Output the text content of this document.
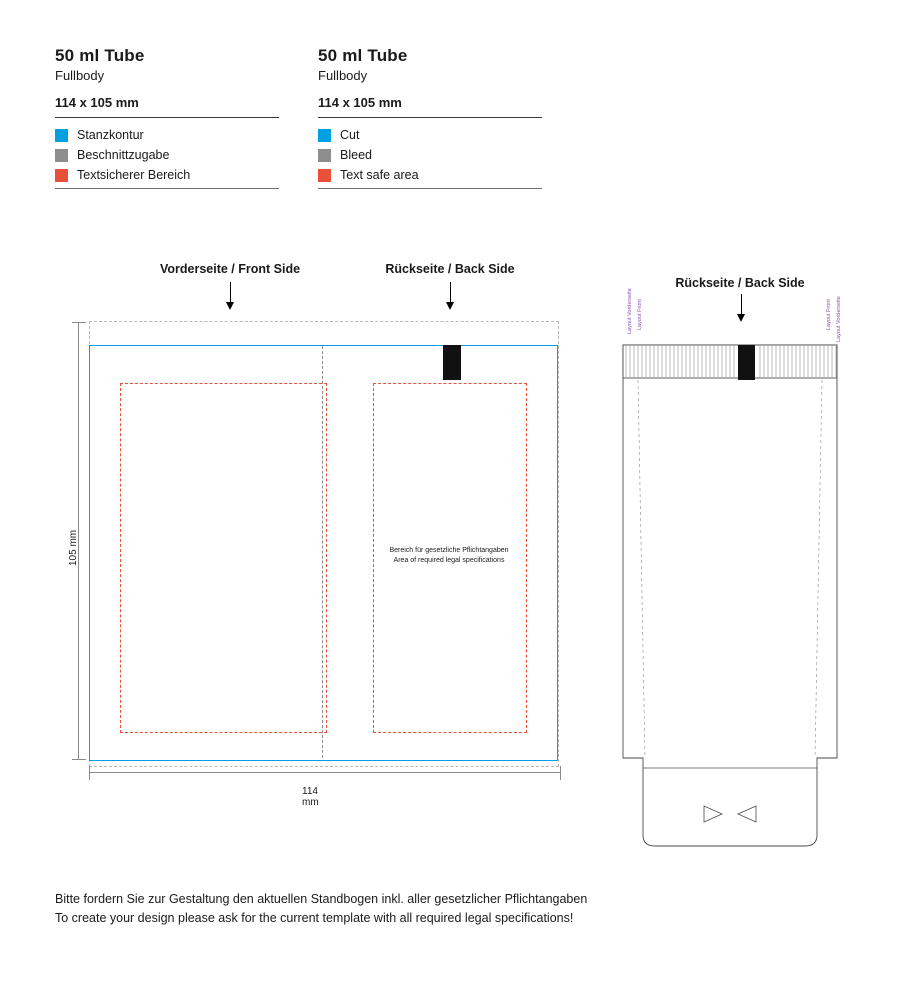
50 ml Tube
Fullbody
114 x 105 mm
Stanzkontur
Beschnittzugabe
Textsicherer Bereich
50 ml Tube
Fullbody
114 x 105 mm
Cut
Bleed
Text safe area
Vorderseite / Front Side	Rückseite / Back Side
Rückseite / Back Side
Bereich für gesetzliche Pflichtangaben
Area of required legal specifications
105 mm
114 mm
Layout Vorderseite Layout Front	Layout Front Layout Vorderseite
Bitte fordern Sie zur Gestaltung den aktuellen Standbogen inkl. aller gesetzlicher Pflichtangaben
To create your design please ask for the current template with all required legal specifications!
